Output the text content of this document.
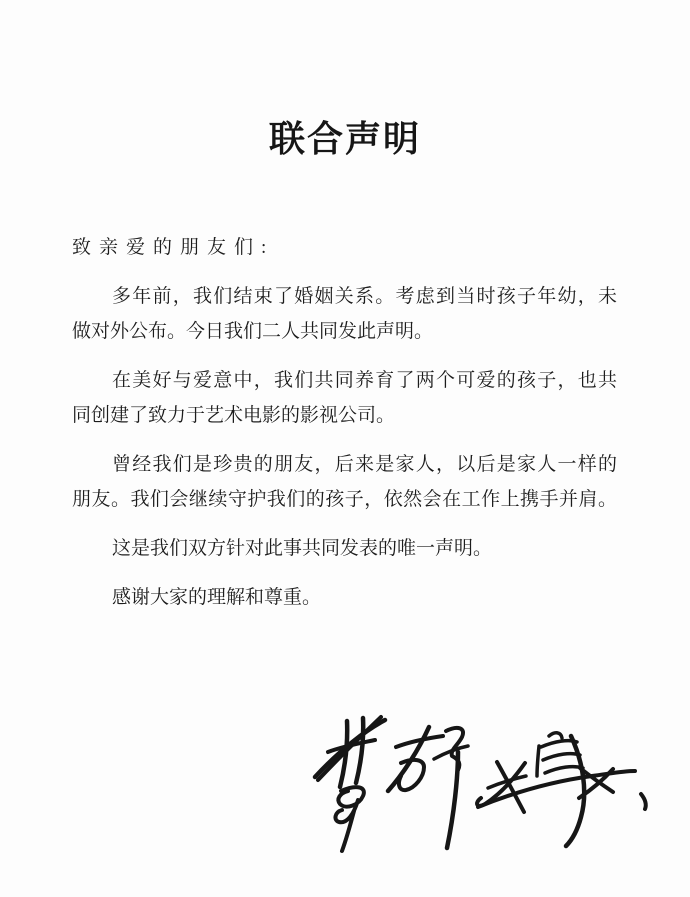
联合声明
致亲爱的朋友们:
多年前，我们结束了婚姻关系。考虑到当时孩子年幼，未
做对外公布。今日我们二人共同发此声明。
在美好与爱意中，我们共同养育了两个可爱的孩子，也共
同创建了致力于艺术电影的影视公司。
曾经我们是珍贵的朋友，后来是家人，以后是家人一样的
朋友。我们会继续守护我们的孩子，依然会在工作上携手并肩。
这是我们双方针对此事共同发表的唯一声明。
感谢大家的理解和尊重。
